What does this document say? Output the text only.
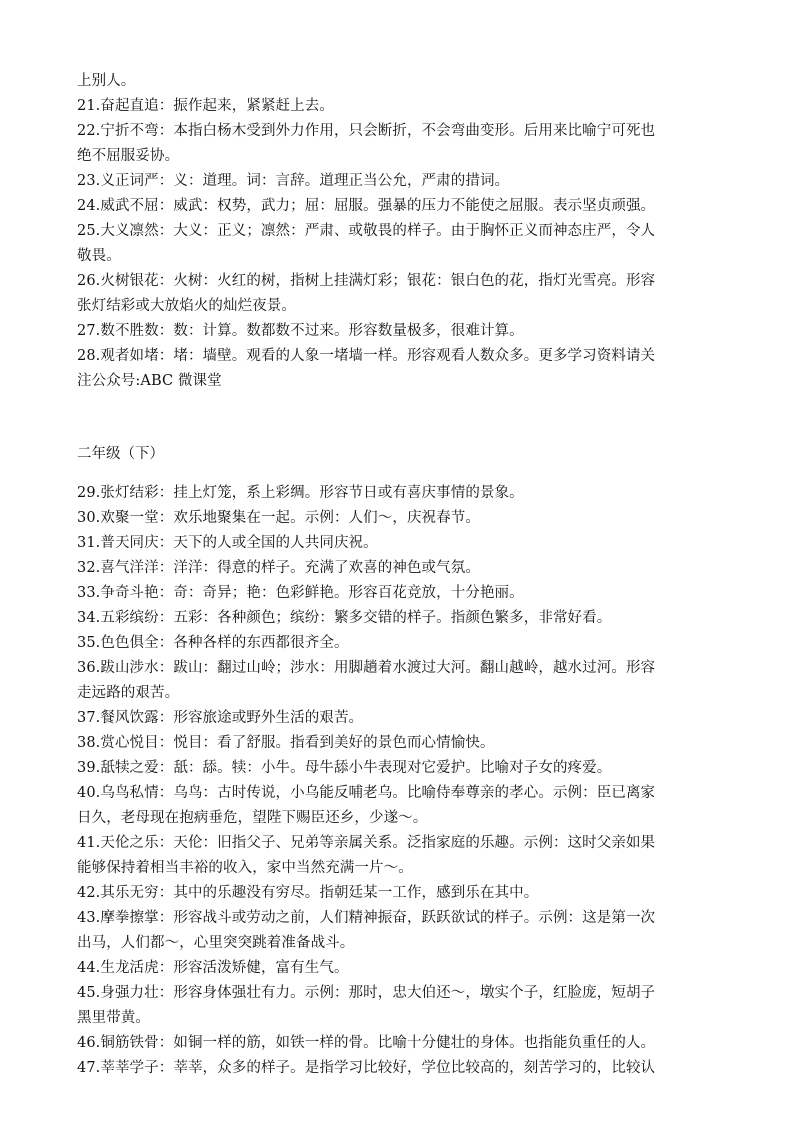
上别人。
21.奋起直追：振作起来，紧紧赶上去。
22.宁折不弯：本指白杨木受到外力作用，只会断折，不会弯曲变形。后用来比喻宁可死也
绝不屈服妥协。
23.义正词严：义：道理。词：言辞。道理正当公允，严肃的措词。
24.威武不屈：威武：权势，武力；屈：屈服。强暴的压力不能使之屈服。表示坚贞顽强。
25.大义凛然：大义：正义；凛然：严肃、或敬畏的样子。由于胸怀正义而神态庄严，令人
敬畏。
26.火树银花：火树：火红的树，指树上挂满灯彩；银花：银白色的花，指灯光雪亮。形容
张灯结彩或大放焰火的灿烂夜景。
27.数不胜数：数：计算。数都数不过来。形容数量极多，很难计算。
28.观者如堵：堵：墙壁。观看的人象一堵墙一样。形容观看人数众多。更多学习资料请关
注公众号:ABC 微课堂
二年级（下）
29.张灯结彩：挂上灯笼，系上彩绸。形容节日或有喜庆事情的景象。
30.欢聚一堂：欢乐地聚集在一起。示例：人们～，庆祝春节。
31.普天同庆：天下的人或全国的人共同庆祝。
32.喜气洋洋：洋洋：得意的样子。充满了欢喜的神色或气氛。
33.争奇斗艳：奇：奇异；艳：色彩鲜艳。形容百花竞放，十分艳丽。
34.五彩缤纷：五彩：各种颜色；缤纷：繁多交错的样子。指颜色繁多，非常好看。
35.色色俱全：各种各样的东西都很齐全。
36.跋山涉水：跋山：翻过山岭；涉水：用脚趟着水渡过大河。翻山越岭，越水过河。形容
走远路的艰苦。
37.餐风饮露：形容旅途或野外生活的艰苦。
38.赏心悦目：悦目：看了舒服。指看到美好的景色而心情愉快。
39.舐犊之爱：舐：舔。犊：小牛。母牛舔小牛表现对它爱护。比喻对子女的疼爱。
40.乌鸟私情：乌鸟：古时传说，小乌能反哺老乌。比喻侍奉尊亲的孝心。示例：臣已离家
日久，老母现在抱病垂危，望陛下赐臣还乡，少遂～。
41.天伦之乐：天伦：旧指父子、兄弟等亲属关系。泛指家庭的乐趣。示例：这时父亲如果
能够保持着相当丰裕的收入，家中当然充满一片～。
42.其乐无穷：其中的乐趣没有穷尽。指朝廷某一工作，感到乐在其中。
43.摩拳擦掌：形容战斗或劳动之前，人们精神振奋，跃跃欲试的样子。示例：这是第一次
出马，人们都～，心里突突跳着准备战斗。
44.生龙活虎：形容活泼矫健，富有生气。
45.身强力壮：形容身体强壮有力。示例：那时，忠大伯还～，墩实个子，红脸庞，短胡子
黑里带黄。
46.铜筋铁骨：如铜一样的筋，如铁一样的骨。比喻十分健壮的身体。也指能负重任的人。
47.莘莘学子：莘莘，众多的样子。是指学习比较好，学位比较高的，刻苦学习的，比较认
